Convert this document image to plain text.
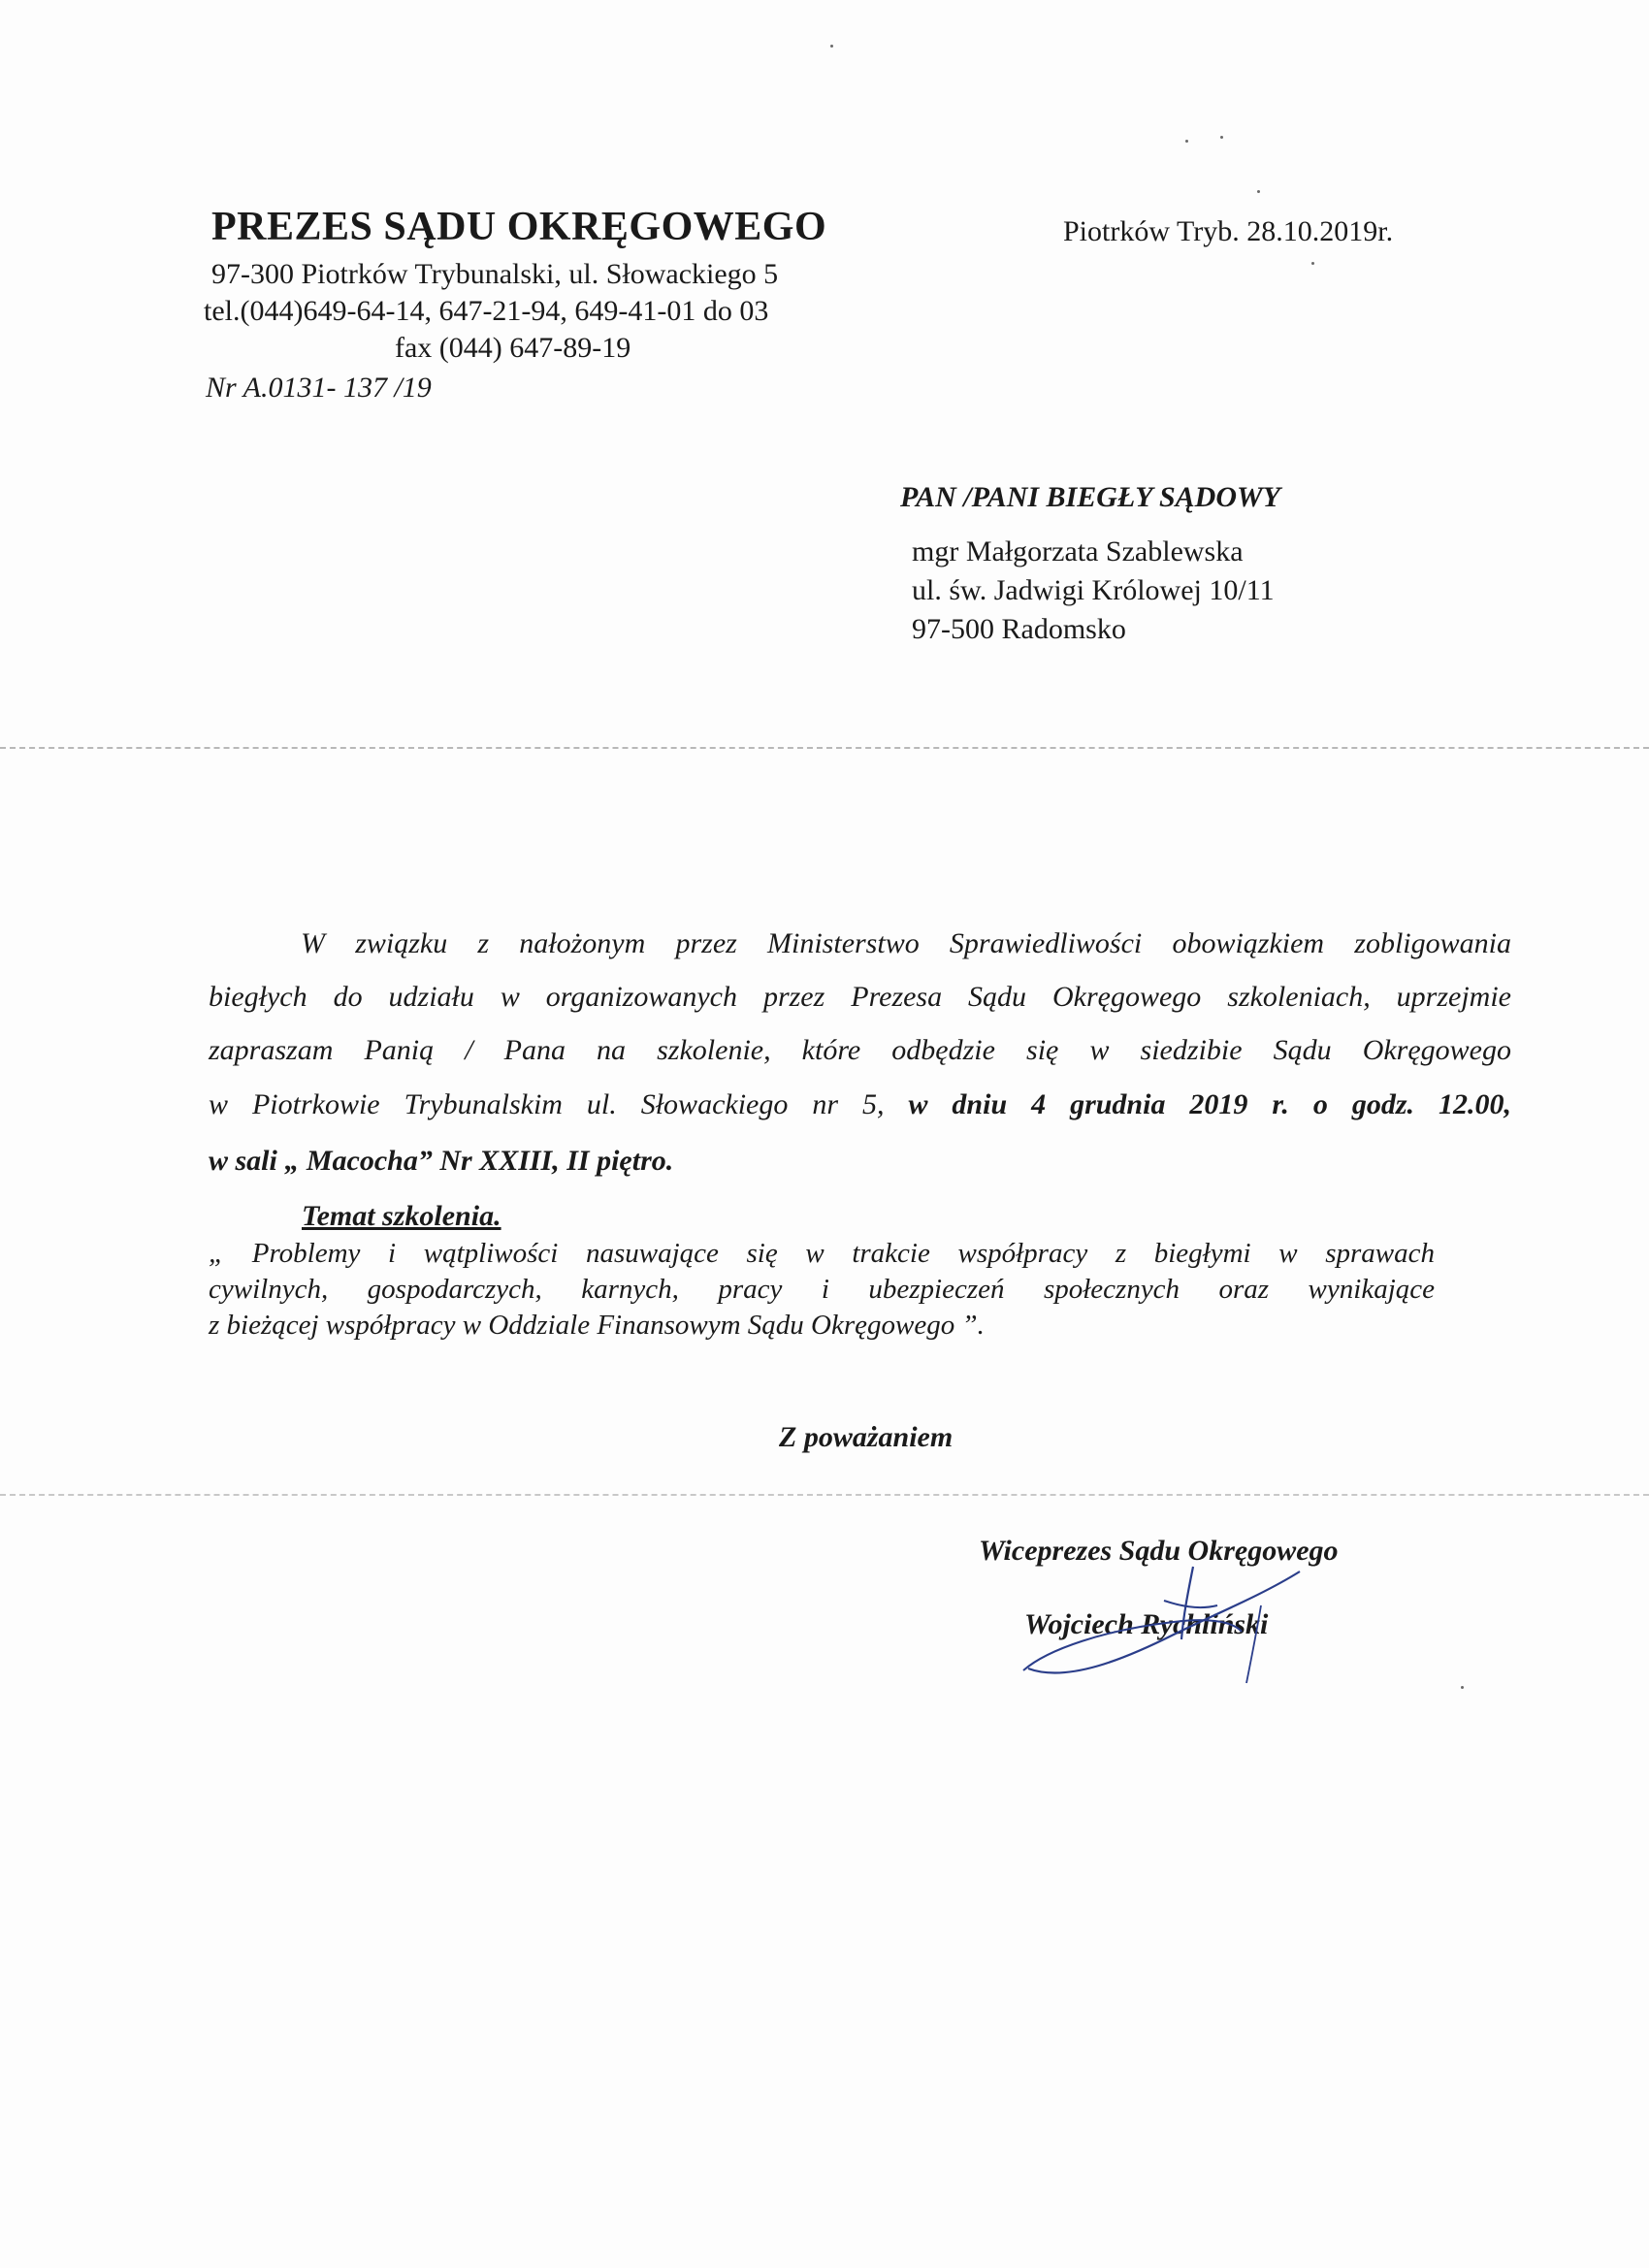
PREZES SĄDU OKRĘGOWEGO
97-300 Piotrków Trybunalski, ul. Słowackiego 5
tel.(044)649-64-14, 647-21-94, 649-41-01 do 03
fax (044) 647-89-19
Nr A.0131- 137 /19
Piotrków Tryb. 28.10.2019r.
PAN /PANI BIEGŁY SĄDOWY
mgr Małgorzata Szablewska
ul. św. Jadwigi Królowej 10/11
97-500 Radomsko
W związku z nałożonym przez Ministerstwo Sprawiedliwości obowiązkiem zobligowania
biegłych do udziału w organizowanych przez Prezesa Sądu Okręgowego szkoleniach, uprzejmie
zapraszam Panią / Pana na szkolenie, które odbędzie się w siedzibie Sądu Okręgowego
w Piotrkowie Trybunalskim ul. Słowackiego nr 5, w dniu 4 grudnia 2019 r. o godz. 12.00,
w sali „ Macocha” Nr XXIII, II piętro.
Temat szkolenia.
„ Problemy i wątpliwości nasuwające się w trakcie współpracy z biegłymi w sprawach
cywilnych, gospodarczych, karnych, pracy i ubezpieczeń społecznych oraz wynikające
z bieżącej współpracy w Oddziale Finansowym Sądu Okręgowego ”.
Z poważaniem
Wiceprezes Sądu Okręgowego
Wojciech Rychliński
